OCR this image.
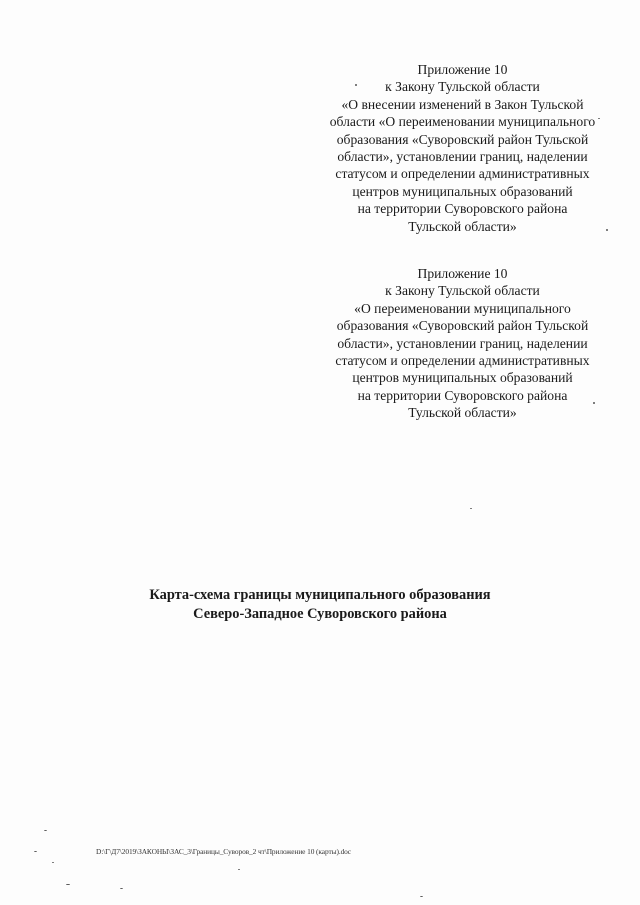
Приложение 10
к Закону Тульской области
«О внесении изменений в Закон Тульской
области «О переименовании муниципального
образования «Суворовский район Тульской
области», установлении границ, наделении
статусом и определении административных
центров муниципальных образований
на территории Суворовского района
Тульской области»
Приложение 10
к Закону Тульской области
«О переименовании муниципального
образования «Суворовский район Тульской
области», установлении границ, наделении
статусом и определении административных
центров муниципальных образований
на территории Суворовского района
Тульской области»
Карта-схема границы муниципального образования
Северо-Западное Суворовского района
D:\Г\Д7\2019\ЗАКОНЫ\ЗАС_3\Границы_Суворов_2 чт\Приложение 10 (карты).doc
